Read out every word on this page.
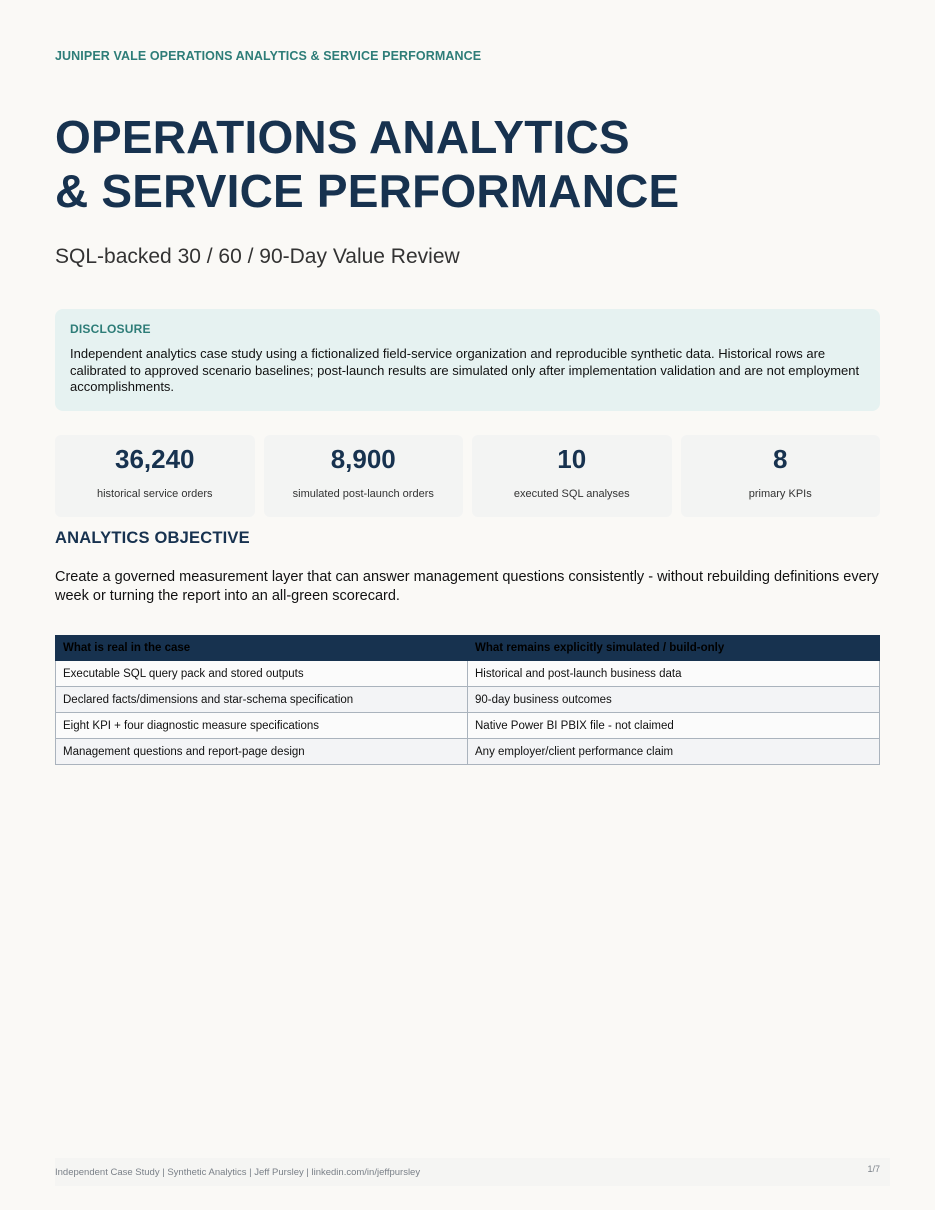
JUNIPER VALE OPERATIONS ANALYTICS & SERVICE PERFORMANCE
OPERATIONS ANALYTICS
& SERVICE PERFORMANCE
SQL-backed 30 / 60 / 90-Day Value Review
DISCLOSURE
Independent analytics case study using a fictionalized field-service organization and reproducible synthetic data. Historical rows are calibrated to approved scenario baselines; post-launch results are simulated only after implementation validation and are not employment accomplishments.
36,240
historical service orders
8,900
simulated post-launch orders
10
executed SQL analyses
8
primary KPIs
ANALYTICS OBJECTIVE

Create a governed measurement layer that can answer management questions consistently - without rebuilding definitions every week or turning the report into an all-green scorecard.

What is real in the case	What remains explicitly simulated / build-only
Executable SQL query pack and stored outputs	Historical and post-launch business data
Declared facts/dimensions and star-schema specification	90-day business outcomes
Eight KPI + four diagnostic measure specifications	Native Power BI PBIX file - not claimed
Management questions and report-page design	Any employer/client performance claim
Independent Case Study | Synthetic Analytics | Jeff Pursley | linkedin.com/in/jeffpursley	1/7
